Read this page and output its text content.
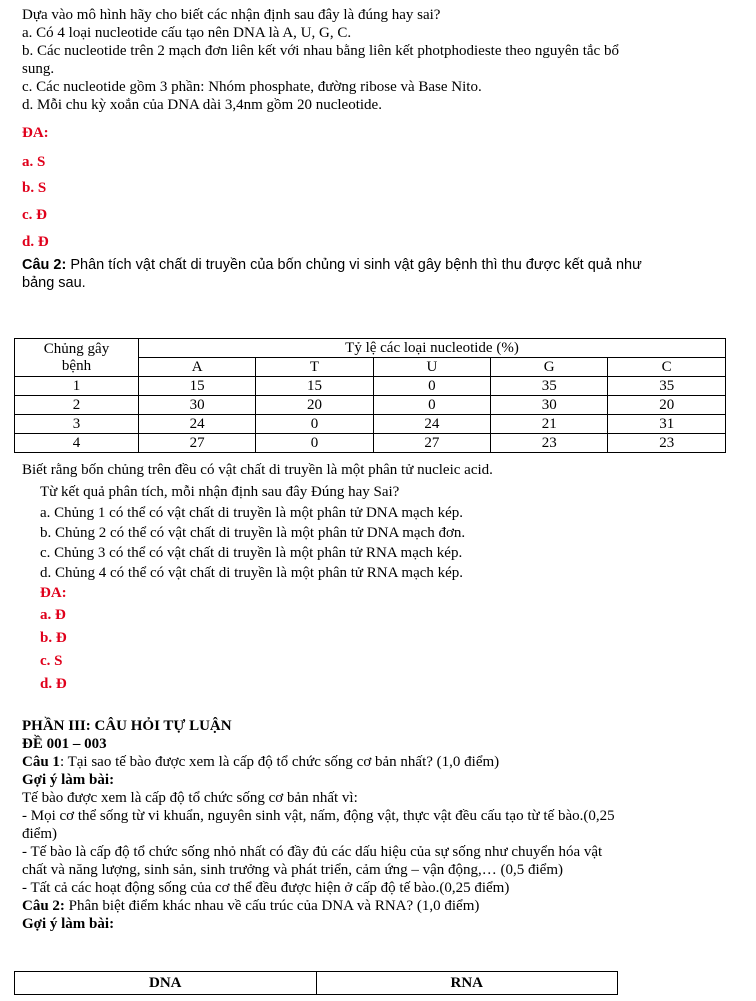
Dựa vào mô hình hãy cho biết các nhận định sau đây là đúng hay sai?
a. Có 4 loại nucleotide cấu tạo nên DNA là A, U, G, C.
b. Các nucleotide trên 2 mạch đơn liên kết với nhau bằng liên kết photphodieste theo nguyên tắc bổ
sung.
c. Các nucleotide gồm 3 phần: Nhóm phosphate, đường ribose và Base Nito.
d. Mỗi chu kỳ xoắn của DNA dài 3,4nm gồm 20 nucleotide.
ĐA:
a. S
b. S
c. Đ
d. Đ
Câu 2: Phân tích vật chất di truyền của bốn chủng vi sinh vật gây bệnh thì thu được kết quả như
bảng sau.
Chủng gây
bệnh	Tỷ lệ các loại nucleotide (%)				
	A	T	U	G	C
1	15	15	0	35	35
2	30	20	0	30	20
3	24	0	24	21	31
4	27	0	27	23	23
Biết rằng bốn chủng trên đều có vật chất di truyền là một phân tử nucleic acid.
Từ kết quả phân tích, mỗi nhận định sau đây Đúng hay Sai?
a. Chủng 1 có thể có vật chất di truyền là một phân tử DNA mạch kép.
b. Chủng 2 có thể có vật chất di truyền là một phân tử DNA mạch đơn.
c. Chủng 3 có thể có vật chất di truyền là một phân tử RNA mạch kép.
d. Chủng 4 có thể có vật chất di truyền là một phân tử RNA mạch kép.
ĐA:
a. Đ
b. Đ
c. S
d. Đ
PHẦN III: CÂU HỎI TỰ LUẬN
ĐỀ 001 – 003
Câu 1: Tại sao tế bào được xem là cấp độ tổ chức sống cơ bản nhất? (1,0 điểm)
Gợi ý làm bài:
Tế bào được xem là cấp độ tổ chức sống cơ bản nhất vì:
- Mọi cơ thể sống từ vi khuẩn, nguyên sinh vật, nấm, động vật, thực vật đều cấu tạo từ tế bào.(0,25
điểm)
- Tế bào là cấp độ tổ chức sống nhỏ nhất có đầy đủ các dấu hiệu của sự sống như chuyển hóa vật
chất và năng lượng, sinh sản, sinh trưởng và phát triển, cảm ứng – vận động,… (0,5 điểm)
- Tất cả các hoạt động sống của cơ thể đều được hiện ở cấp độ tế bào.(0,25 điểm)
Câu 2: Phân biệt điểm khác nhau về cấu trúc của DNA và RNA? (1,0 điểm)
Gợi ý làm bài:
DNA	RNA
